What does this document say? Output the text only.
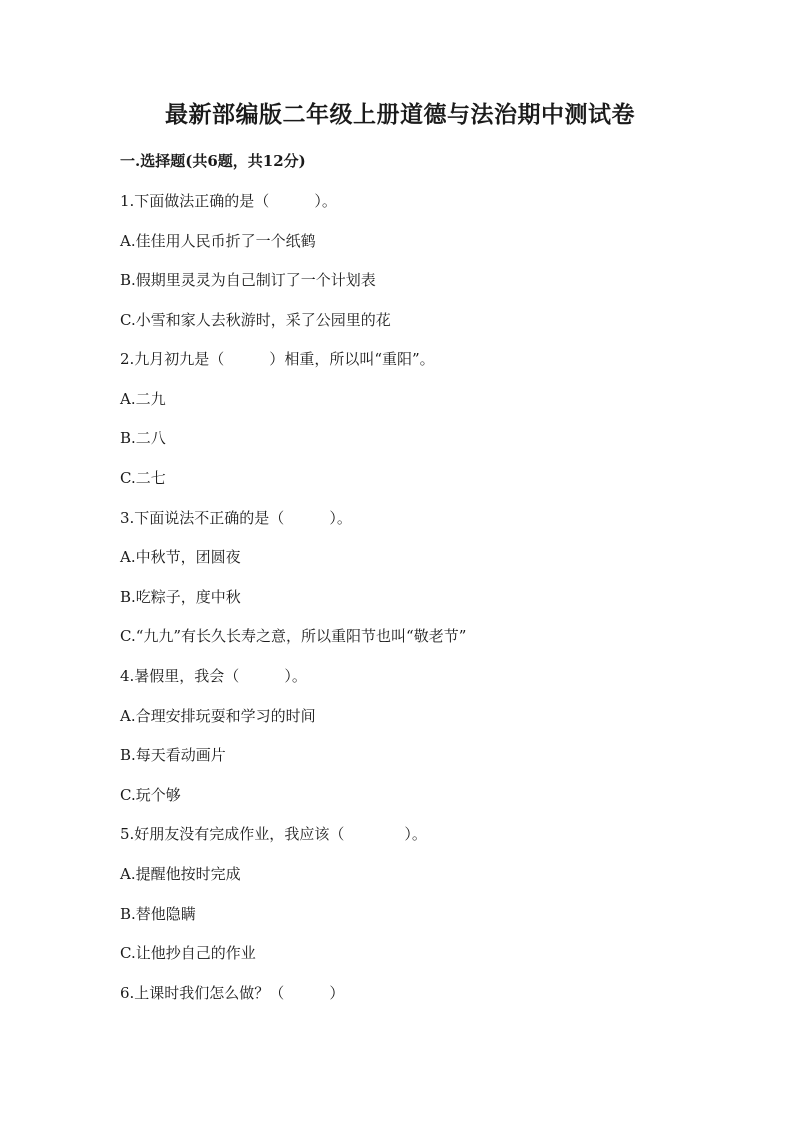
最新部编版二年级上册道德与法治期中测试卷
一.选择题(共6题，共12分)
1.下面做法正确的是（　　　）。
A.佳佳用人民币折了一个纸鹤
B.假期里灵灵为自己制订了一个计划表
C.小雪和家人去秋游时，采了公园里的花
2.九月初九是（　　　）相重，所以叫“重阳”。
A.二九
B.二八
C.二七
3.下面说法不正确的是（　　　）。
A.中秋节，团圆夜
B.吃粽子，度中秋
C.“九九”有长久长寿之意，所以重阳节也叫“敬老节”
4.暑假里，我会（　　　）。
A.合理安排玩耍和学习的时间
B.每天看动画片
C.玩个够
5.好朋友没有完成作业，我应该（　　　　）。
A.提醒他按时完成
B.替他隐瞒
C.让他抄自己的作业
6.上课时我们怎么做？（　　　）
